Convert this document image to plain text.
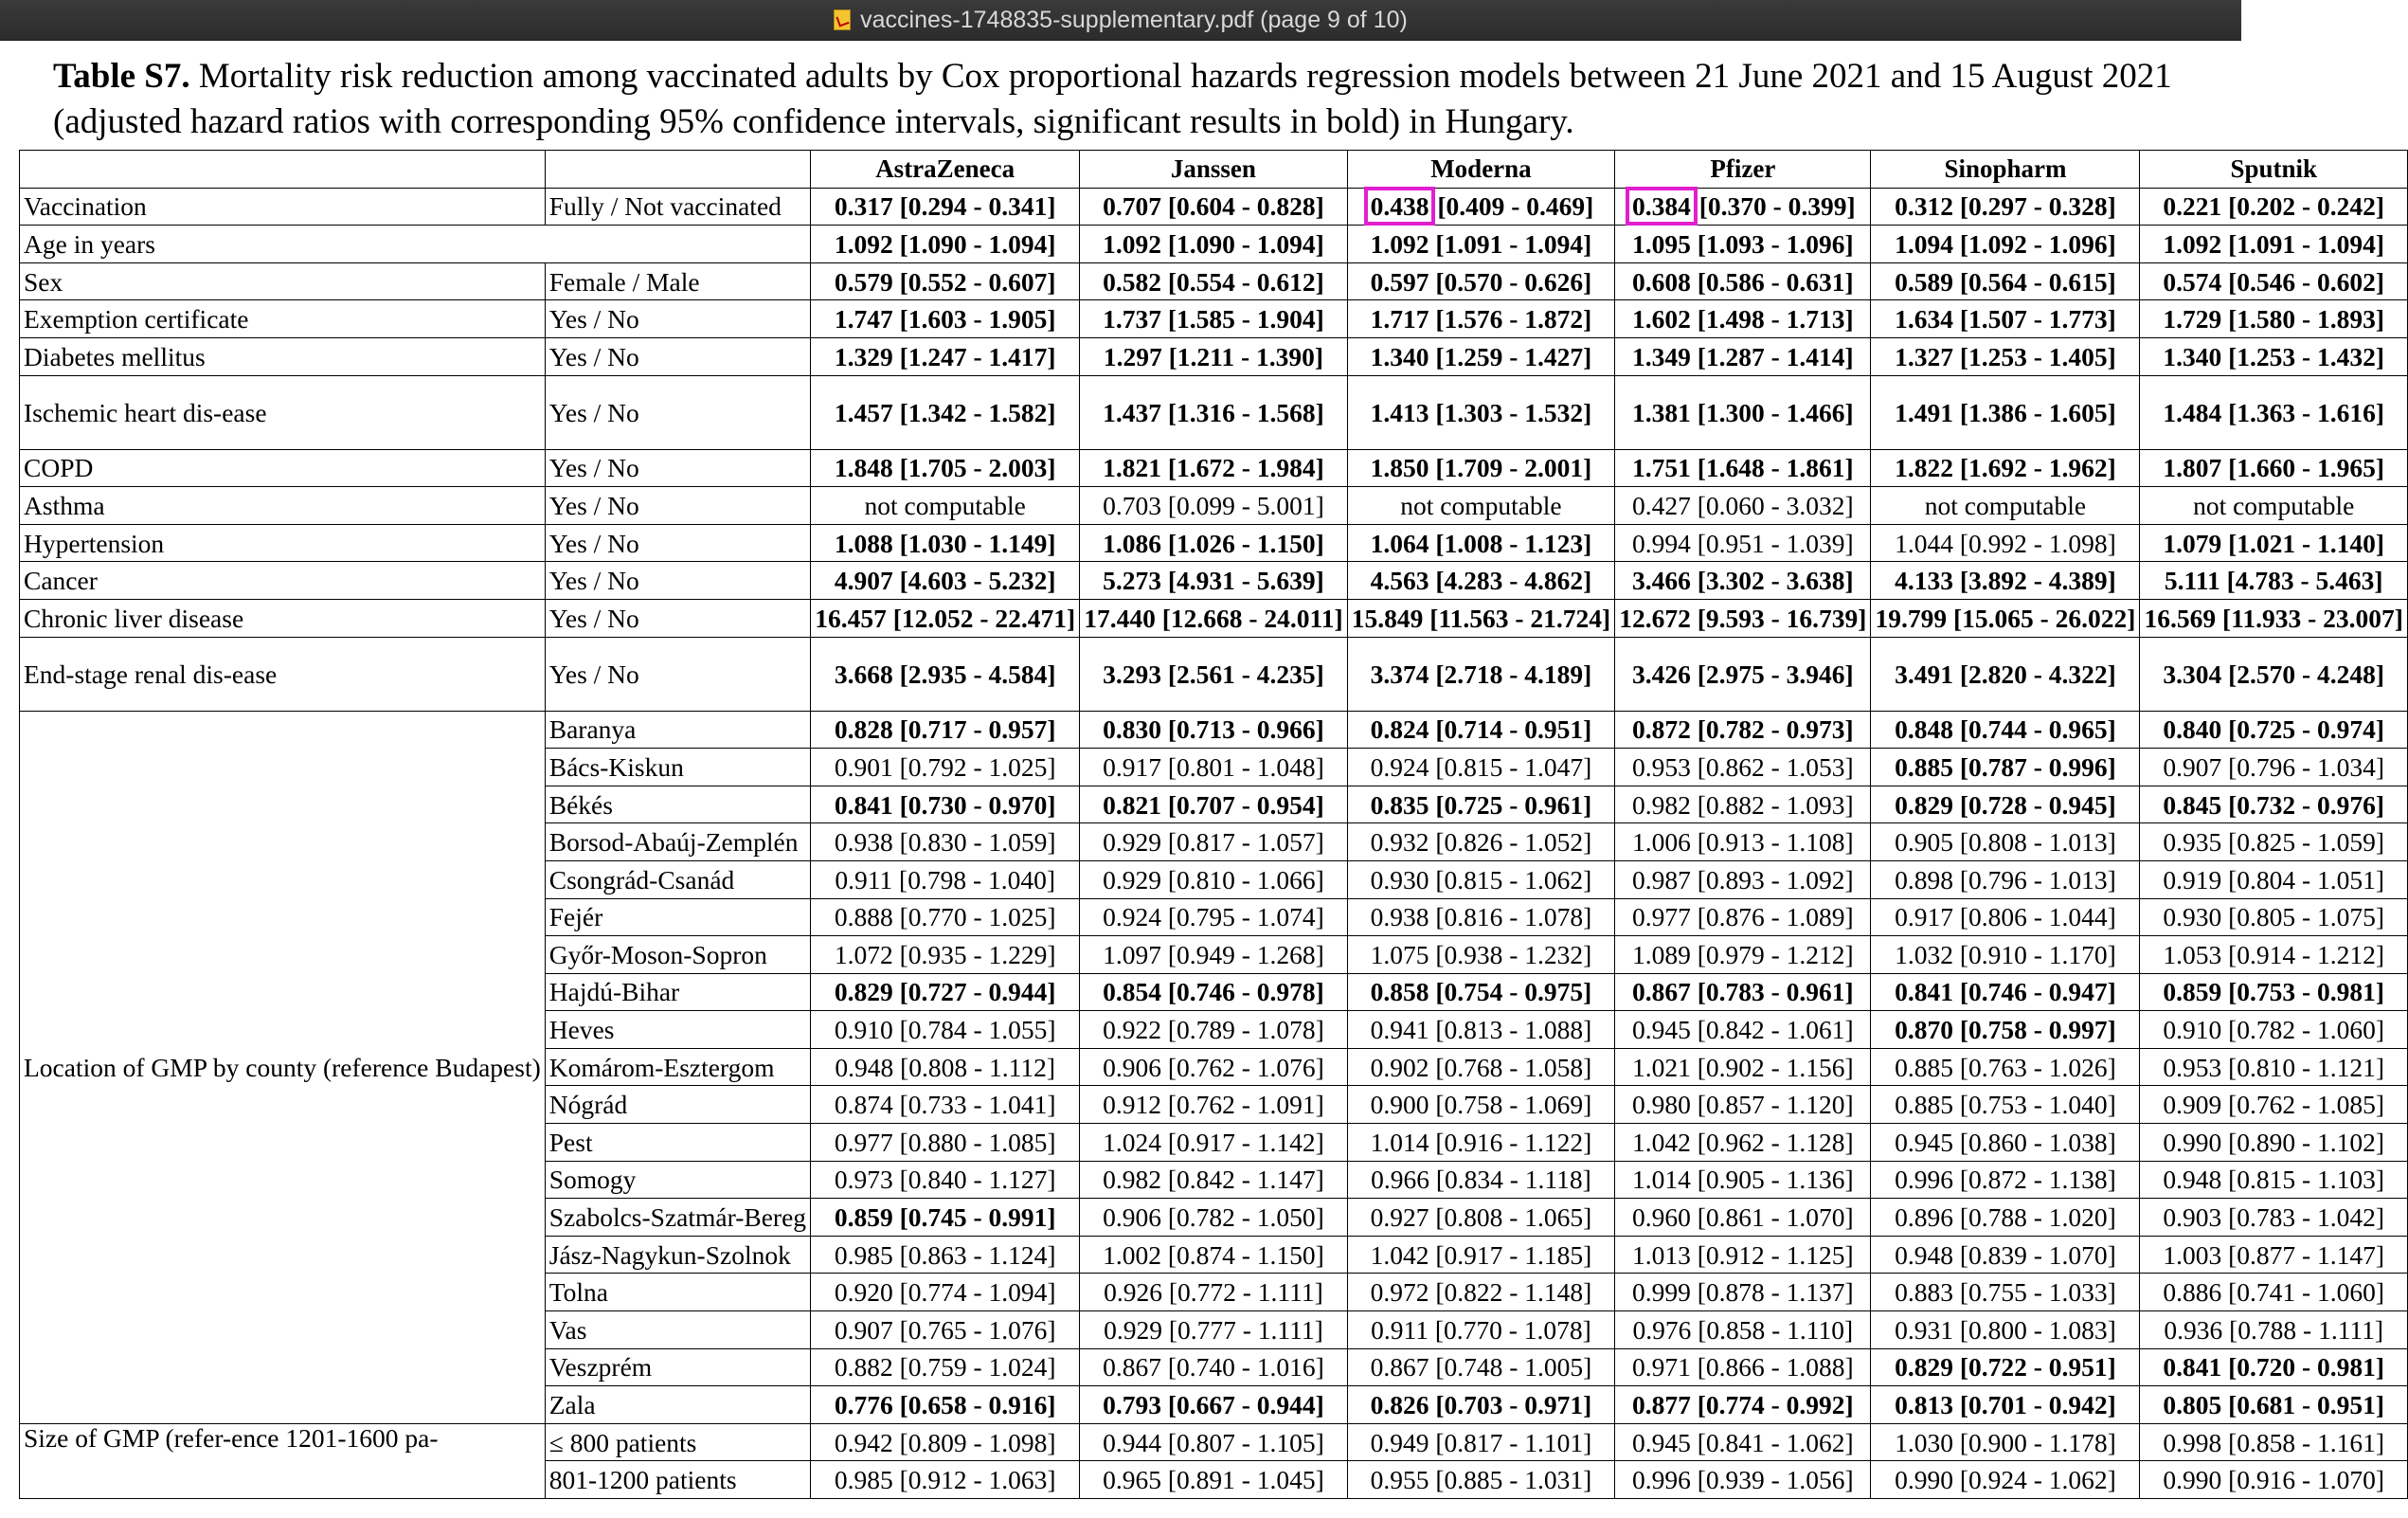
vaccines-1748835-supplementary.pdf (page 9 of 10)
Table S7. Mortality risk reduction among vaccinated adults by Cox proportional hazards regression models between 21 June 2021 and 15 August 2021 (adjusted hazard ratios with corresponding 95% confidence intervals, significant results in bold) in Hungary.
		AstraZeneca	Janssen	Moderna	Pfizer	Sinopharm	Sputnik
Vaccination	Fully / Not vaccinated	0.317 [0.294 - 0.341]	0.707 [0.604 - 0.828]	0.438 [0.409 - 0.469]	0.384 [0.370 - 0.399]	0.312 [0.297 - 0.328]	0.221 [0.202 - 0.242]
Age in years		1.092 [1.090 - 1.094]	1.092 [1.090 - 1.094]	1.092 [1.091 - 1.094]	1.095 [1.093 - 1.096]	1.094 [1.092 - 1.096]	1.092 [1.091 - 1.094]
Sex	Female / Male	0.579 [0.552 - 0.607]	0.582 [0.554 - 0.612]	0.597 [0.570 - 0.626]	0.608 [0.586 - 0.631]	0.589 [0.564 - 0.615]	0.574 [0.546 - 0.602]
Exemption certificate	Yes / No	1.747 [1.603 - 1.905]	1.737 [1.585 - 1.904]	1.717 [1.576 - 1.872]	1.602 [1.498 - 1.713]	1.634 [1.507 - 1.773]	1.729 [1.580 - 1.893]
Diabetes mellitus	Yes / No	1.329 [1.247 - 1.417]	1.297 [1.211 - 1.390]	1.340 [1.259 - 1.427]	1.349 [1.287 - 1.414]	1.327 [1.253 - 1.405]	1.340 [1.253 - 1.432]
Ischemic heart dis-ease	Yes / No	1.457 [1.342 - 1.582]	1.437 [1.316 - 1.568]	1.413 [1.303 - 1.532]	1.381 [1.300 - 1.466]	1.491 [1.386 - 1.605]	1.484 [1.363 - 1.616]
COPD	Yes / No	1.848 [1.705 - 2.003]	1.821 [1.672 - 1.984]	1.850 [1.709 - 2.001]	1.751 [1.648 - 1.861]	1.822 [1.692 - 1.962]	1.807 [1.660 - 1.965]
Asthma	Yes / No	not computable	0.703 [0.099 - 5.001]	not computable	0.427 [0.060 - 3.032]	not computable	not computable
Hypertension	Yes / No	1.088 [1.030 - 1.149]	1.086 [1.026 - 1.150]	1.064 [1.008 - 1.123]	0.994 [0.951 - 1.039]	1.044 [0.992 - 1.098]	1.079 [1.021 - 1.140]
Cancer	Yes / No	4.907 [4.603 - 5.232]	5.273 [4.931 - 5.639]	4.563 [4.283 - 4.862]	3.466 [3.302 - 3.638]	4.133 [3.892 - 4.389]	5.111 [4.783 - 5.463]
Chronic liver disease	Yes / No	16.457 [12.052 - 22.471]	17.440 [12.668 - 24.011]	15.849 [11.563 - 21.724]	12.672 [9.593 - 16.739]	19.799 [15.065 - 26.022]	16.569 [11.933 - 23.007]
End-stage renal dis-ease	Yes / No	3.668 [2.935 - 4.584]	3.293 [2.561 - 4.235]	3.374 [2.718 - 4.189]	3.426 [2.975 - 3.946]	3.491 [2.820 - 4.322]	3.304 [2.570 - 4.248]
Location of GMP by county (reference Budapest)	Baranya	0.828 [0.717 - 0.957]	0.830 [0.713 - 0.966]	0.824 [0.714 - 0.951]	0.872 [0.782 - 0.973]	0.848 [0.744 - 0.965]	0.840 [0.725 - 0.974]
	Bács-Kiskun	0.901 [0.792 - 1.025]	0.917 [0.801 - 1.048]	0.924 [0.815 - 1.047]	0.953 [0.862 - 1.053]	0.885 [0.787 - 0.996]	0.907 [0.796 - 1.034]
	Békés	0.841 [0.730 - 0.970]	0.821 [0.707 - 0.954]	0.835 [0.725 - 0.961]	0.982 [0.882 - 1.093]	0.829 [0.728 - 0.945]	0.845 [0.732 - 0.976]
	Borsod-Abaúj-Zemplén	0.938 [0.830 - 1.059]	0.929 [0.817 - 1.057]	0.932 [0.826 - 1.052]	1.006 [0.913 - 1.108]	0.905 [0.808 - 1.013]	0.935 [0.825 - 1.059]
	Csongrád-Csanád	0.911 [0.798 - 1.040]	0.929 [0.810 - 1.066]	0.930 [0.815 - 1.062]	0.987 [0.893 - 1.092]	0.898 [0.796 - 1.013]	0.919 [0.804 - 1.051]
	Fejér	0.888 [0.770 - 1.025]	0.924 [0.795 - 1.074]	0.938 [0.816 - 1.078]	0.977 [0.876 - 1.089]	0.917 [0.806 - 1.044]	0.930 [0.805 - 1.075]
	Győr-Moson-Sopron	1.072 [0.935 - 1.229]	1.097 [0.949 - 1.268]	1.075 [0.938 - 1.232]	1.089 [0.979 - 1.212]	1.032 [0.910 - 1.170]	1.053 [0.914 - 1.212]
	Hajdú-Bihar	0.829 [0.727 - 0.944]	0.854 [0.746 - 0.978]	0.858 [0.754 - 0.975]	0.867 [0.783 - 0.961]	0.841 [0.746 - 0.947]	0.859 [0.753 - 0.981]
	Heves	0.910 [0.784 - 1.055]	0.922 [0.789 - 1.078]	0.941 [0.813 - 1.088]	0.945 [0.842 - 1.061]	0.870 [0.758 - 0.997]	0.910 [0.782 - 1.060]
	Komárom-Esztergom	0.948 [0.808 - 1.112]	0.906 [0.762 - 1.076]	0.902 [0.768 - 1.058]	1.021 [0.902 - 1.156]	0.885 [0.763 - 1.026]	0.953 [0.810 - 1.121]
	Nógrád	0.874 [0.733 - 1.041]	0.912 [0.762 - 1.091]	0.900 [0.758 - 1.069]	0.980 [0.857 - 1.120]	0.885 [0.753 - 1.040]	0.909 [0.762 - 1.085]
	Pest	0.977 [0.880 - 1.085]	1.024 [0.917 - 1.142]	1.014 [0.916 - 1.122]	1.042 [0.962 - 1.128]	0.945 [0.860 - 1.038]	0.990 [0.890 - 1.102]
	Somogy	0.973 [0.840 - 1.127]	0.982 [0.842 - 1.147]	0.966 [0.834 - 1.118]	1.014 [0.905 - 1.136]	0.996 [0.872 - 1.138]	0.948 [0.815 - 1.103]
	Szabolcs-Szatmár-Bereg	0.859 [0.745 - 0.991]	0.906 [0.782 - 1.050]	0.927 [0.808 - 1.065]	0.960 [0.861 - 1.070]	0.896 [0.788 - 1.020]	0.903 [0.783 - 1.042]
	Jász-Nagykun-Szolnok	0.985 [0.863 - 1.124]	1.002 [0.874 - 1.150]	1.042 [0.917 - 1.185]	1.013 [0.912 - 1.125]	0.948 [0.839 - 1.070]	1.003 [0.877 - 1.147]
	Tolna	0.920 [0.774 - 1.094]	0.926 [0.772 - 1.111]	0.972 [0.822 - 1.148]	0.999 [0.878 - 1.137]	0.883 [0.755 - 1.033]	0.886 [0.741 - 1.060]
	Vas	0.907 [0.765 - 1.076]	0.929 [0.777 - 1.111]	0.911 [0.770 - 1.078]	0.976 [0.858 - 1.110]	0.931 [0.800 - 1.083]	0.936 [0.788 - 1.111]
	Veszprém	0.882 [0.759 - 1.024]	0.867 [0.740 - 1.016]	0.867 [0.748 - 1.005]	0.971 [0.866 - 1.088]	0.829 [0.722 - 0.951]	0.841 [0.720 - 0.981]
	Zala	0.776 [0.658 - 0.916]	0.793 [0.667 - 0.944]	0.826 [0.703 - 0.971]	0.877 [0.774 - 0.992]	0.813 [0.701 - 0.942]	0.805 [0.681 - 0.951]
Size of GMP (refer-ence 1201-1600 pa-	≤ 800 patients	0.942 [0.809 - 1.098]	0.944 [0.807 - 1.105]	0.949 [0.817 - 1.101]	0.945 [0.841 - 1.062]	1.030 [0.900 - 1.178]	0.998 [0.858 - 1.161]
	801-1200 patients	0.985 [0.912 - 1.063]	0.965 [0.891 - 1.045]	0.955 [0.885 - 1.031]	0.996 [0.939 - 1.056]	0.990 [0.924 - 1.062]	0.990 [0.916 - 1.070]
